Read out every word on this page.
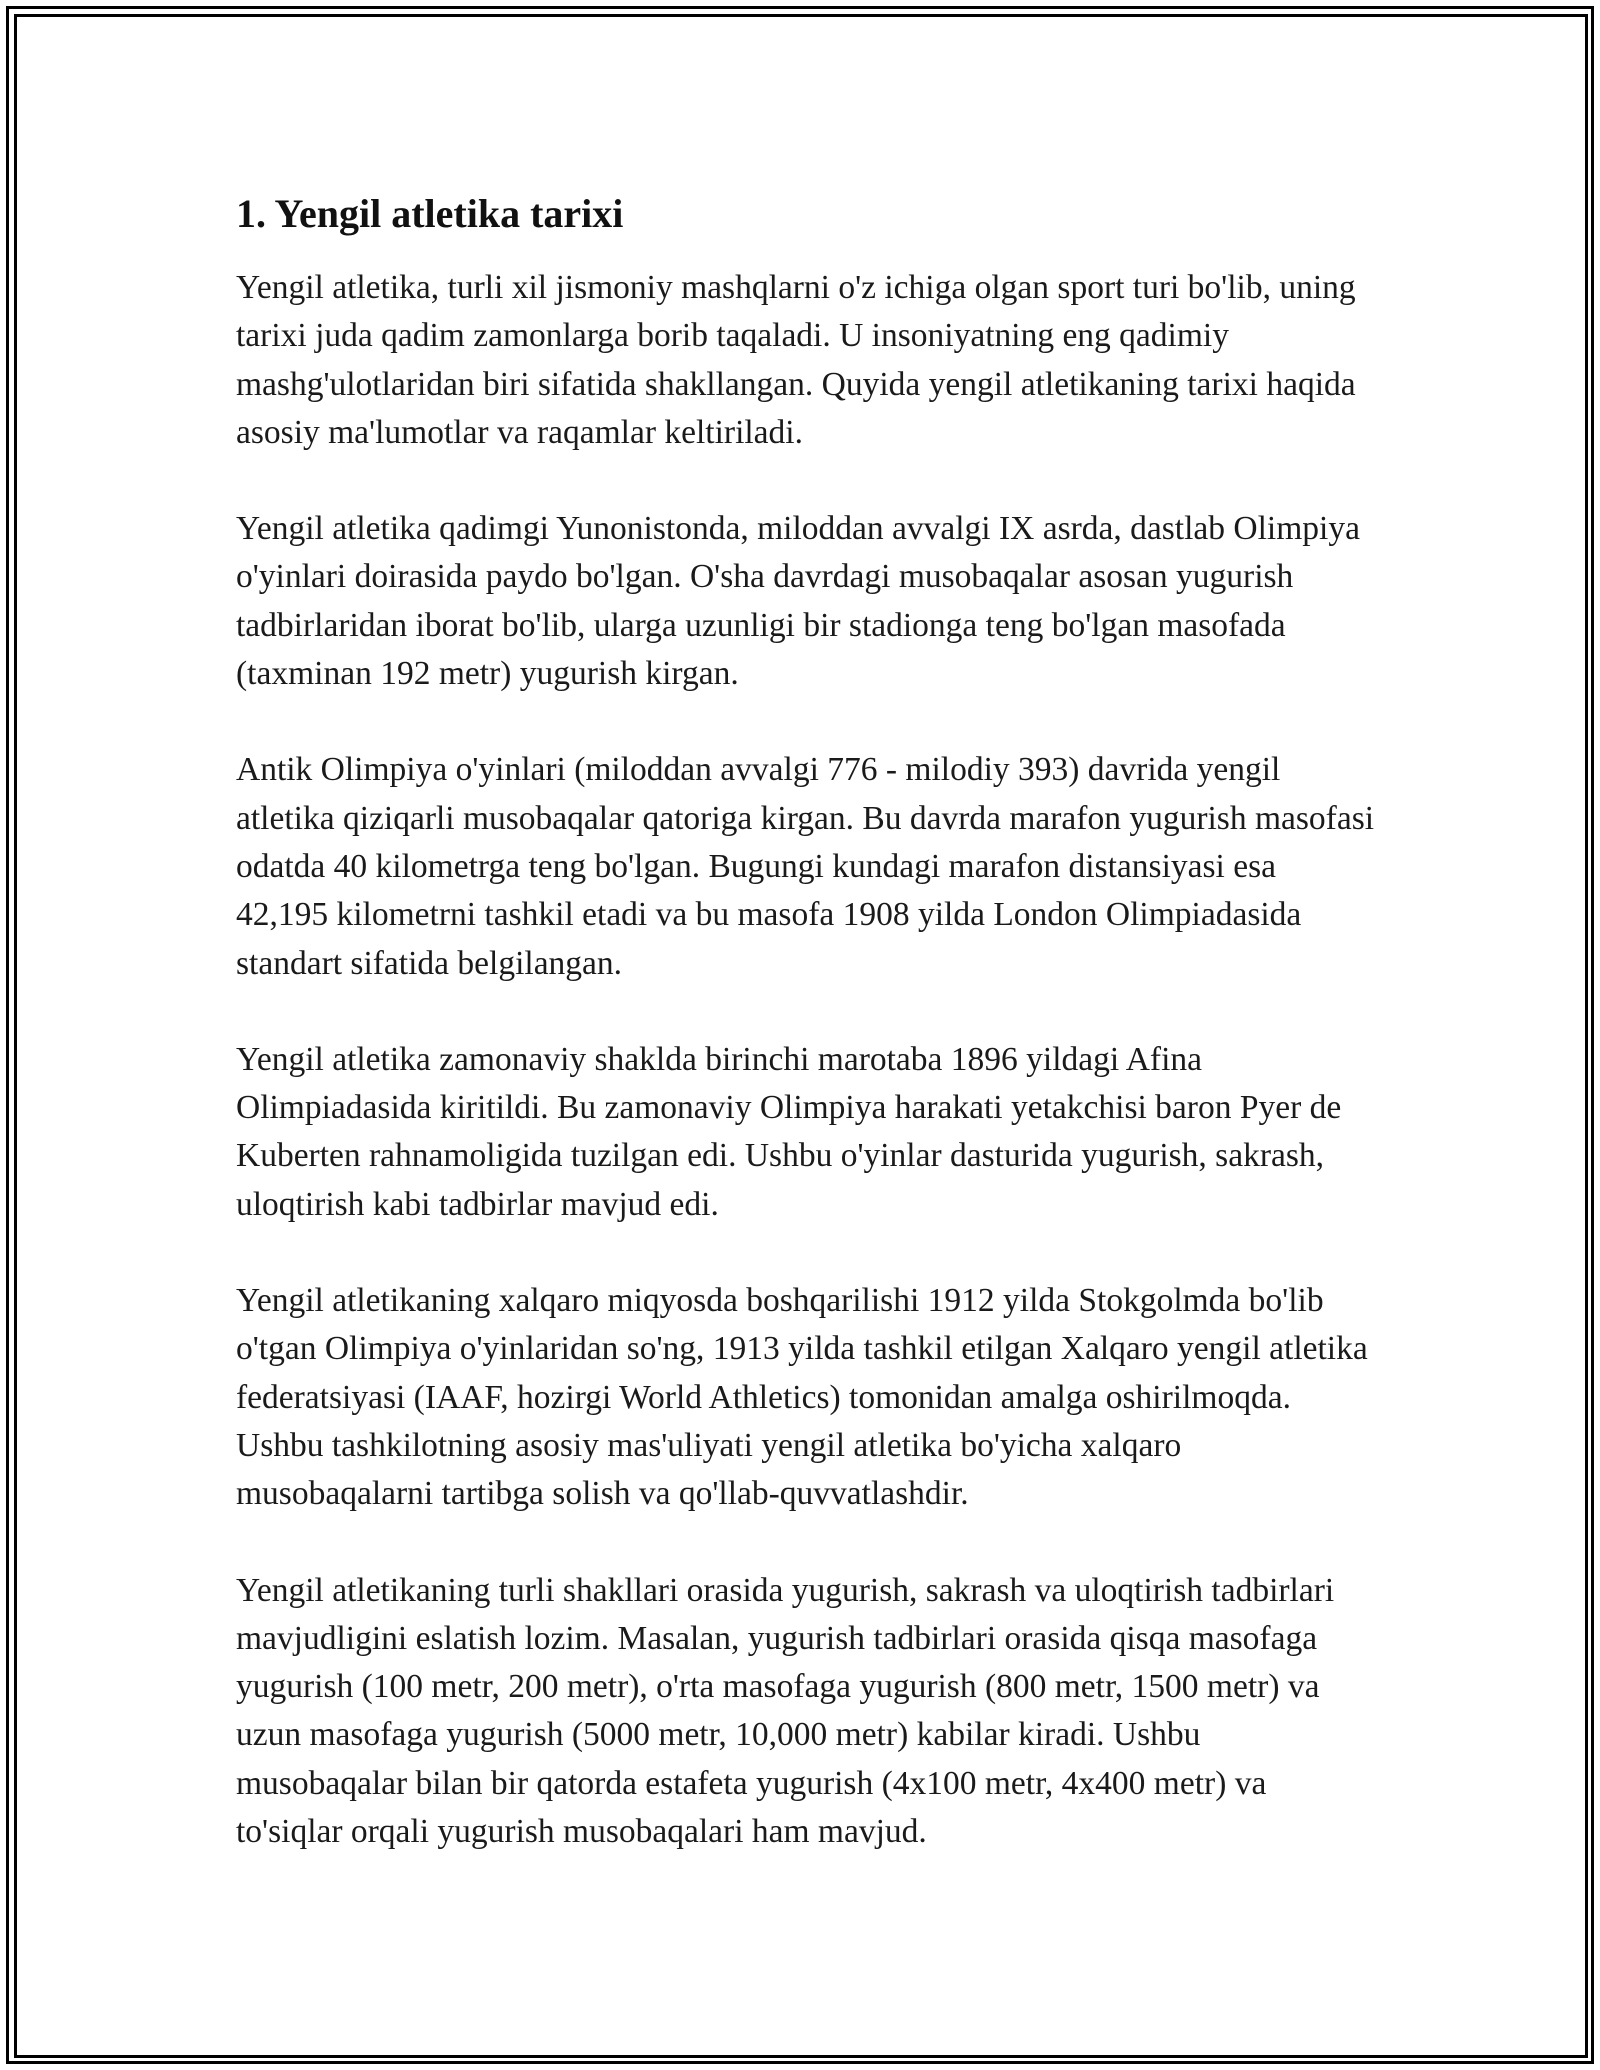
1. Yengil atletika tarixi

Yengil atletika, turli xil jismoniy mashqlarni o'z ichiga olgan sport turi bo'lib, uning tarixi juda qadim zamonlarga borib taqaladi. U insoniyatning eng qadimiy mashg'ulotlaridan biri sifatida shakllangan. Quyida yengil atletikaning tarixi haqida asosiy ma'lumotlar va raqamlar keltiriladi.

Yengil atletika qadimgi Yunonistonda, miloddan avvalgi IX asrda, dastlab Olimpiya o'yinlari doirasida paydo bo'lgan. O'sha davrdagi musobaqalar asosan yugurish tadbirlaridan iborat bo'lib, ularga uzunligi bir stadionga teng bo'lgan masofada (taxminan 192 metr) yugurish kirgan.

Antik Olimpiya o'yinlari (miloddan avvalgi 776 - milodiy 393) davrida yengil atletika qiziqarli musobaqalar qatoriga kirgan. Bu davrda marafon yugurish masofasi odatda 40 kilometrga teng bo'lgan. Bugungi kundagi marafon distansiyasi esa 42,195 kilometrni tashkil etadi va bu masofa 1908 yilda London Olimpiadasida standart sifatida belgilangan.

Yengil atletika zamonaviy shaklda birinchi marotaba 1896 yildagi Afina Olimpiadasida kiritildi. Bu zamonaviy Olimpiya harakati yetakchisi baron Pyer de Kuberten rahnamoligida tuzilgan edi. Ushbu o'yinlar dasturida yugurish, sakrash, uloqtirish kabi tadbirlar mavjud edi.

Yengil atletikaning xalqaro miqyosda boshqarilishi 1912 yilda Stokgolmda bo'lib o'tgan Olimpiya o'yinlaridan so'ng, 1913 yilda tashkil etilgan Xalqaro yengil atletika federatsiyasi (IAAF, hozirgi World Athletics) tomonidan amalga oshirilmoqda. Ushbu tashkilotning asosiy mas'uliyati yengil atletika bo'yicha xalqaro musobaqalarni tartibga solish va qo'llab-quvvatlashdir.

Yengil atletikaning turli shakllari orasida yugurish, sakrash va uloqtirish tadbirlari mavjudligini eslatish lozim. Masalan, yugurish tadbirlari orasida qisqa masofaga yugurish (100 metr, 200 metr), o'rta masofaga yugurish (800 metr, 1500 metr) va uzun masofaga yugurish (5000 metr, 10,000 metr) kabilar kiradi. Ushbu musobaqalar bilan bir qatorda estafeta yugurish (4x100 metr, 4x400 metr) va to'siqlar orqali yugurish musobaqalari ham mavjud.
